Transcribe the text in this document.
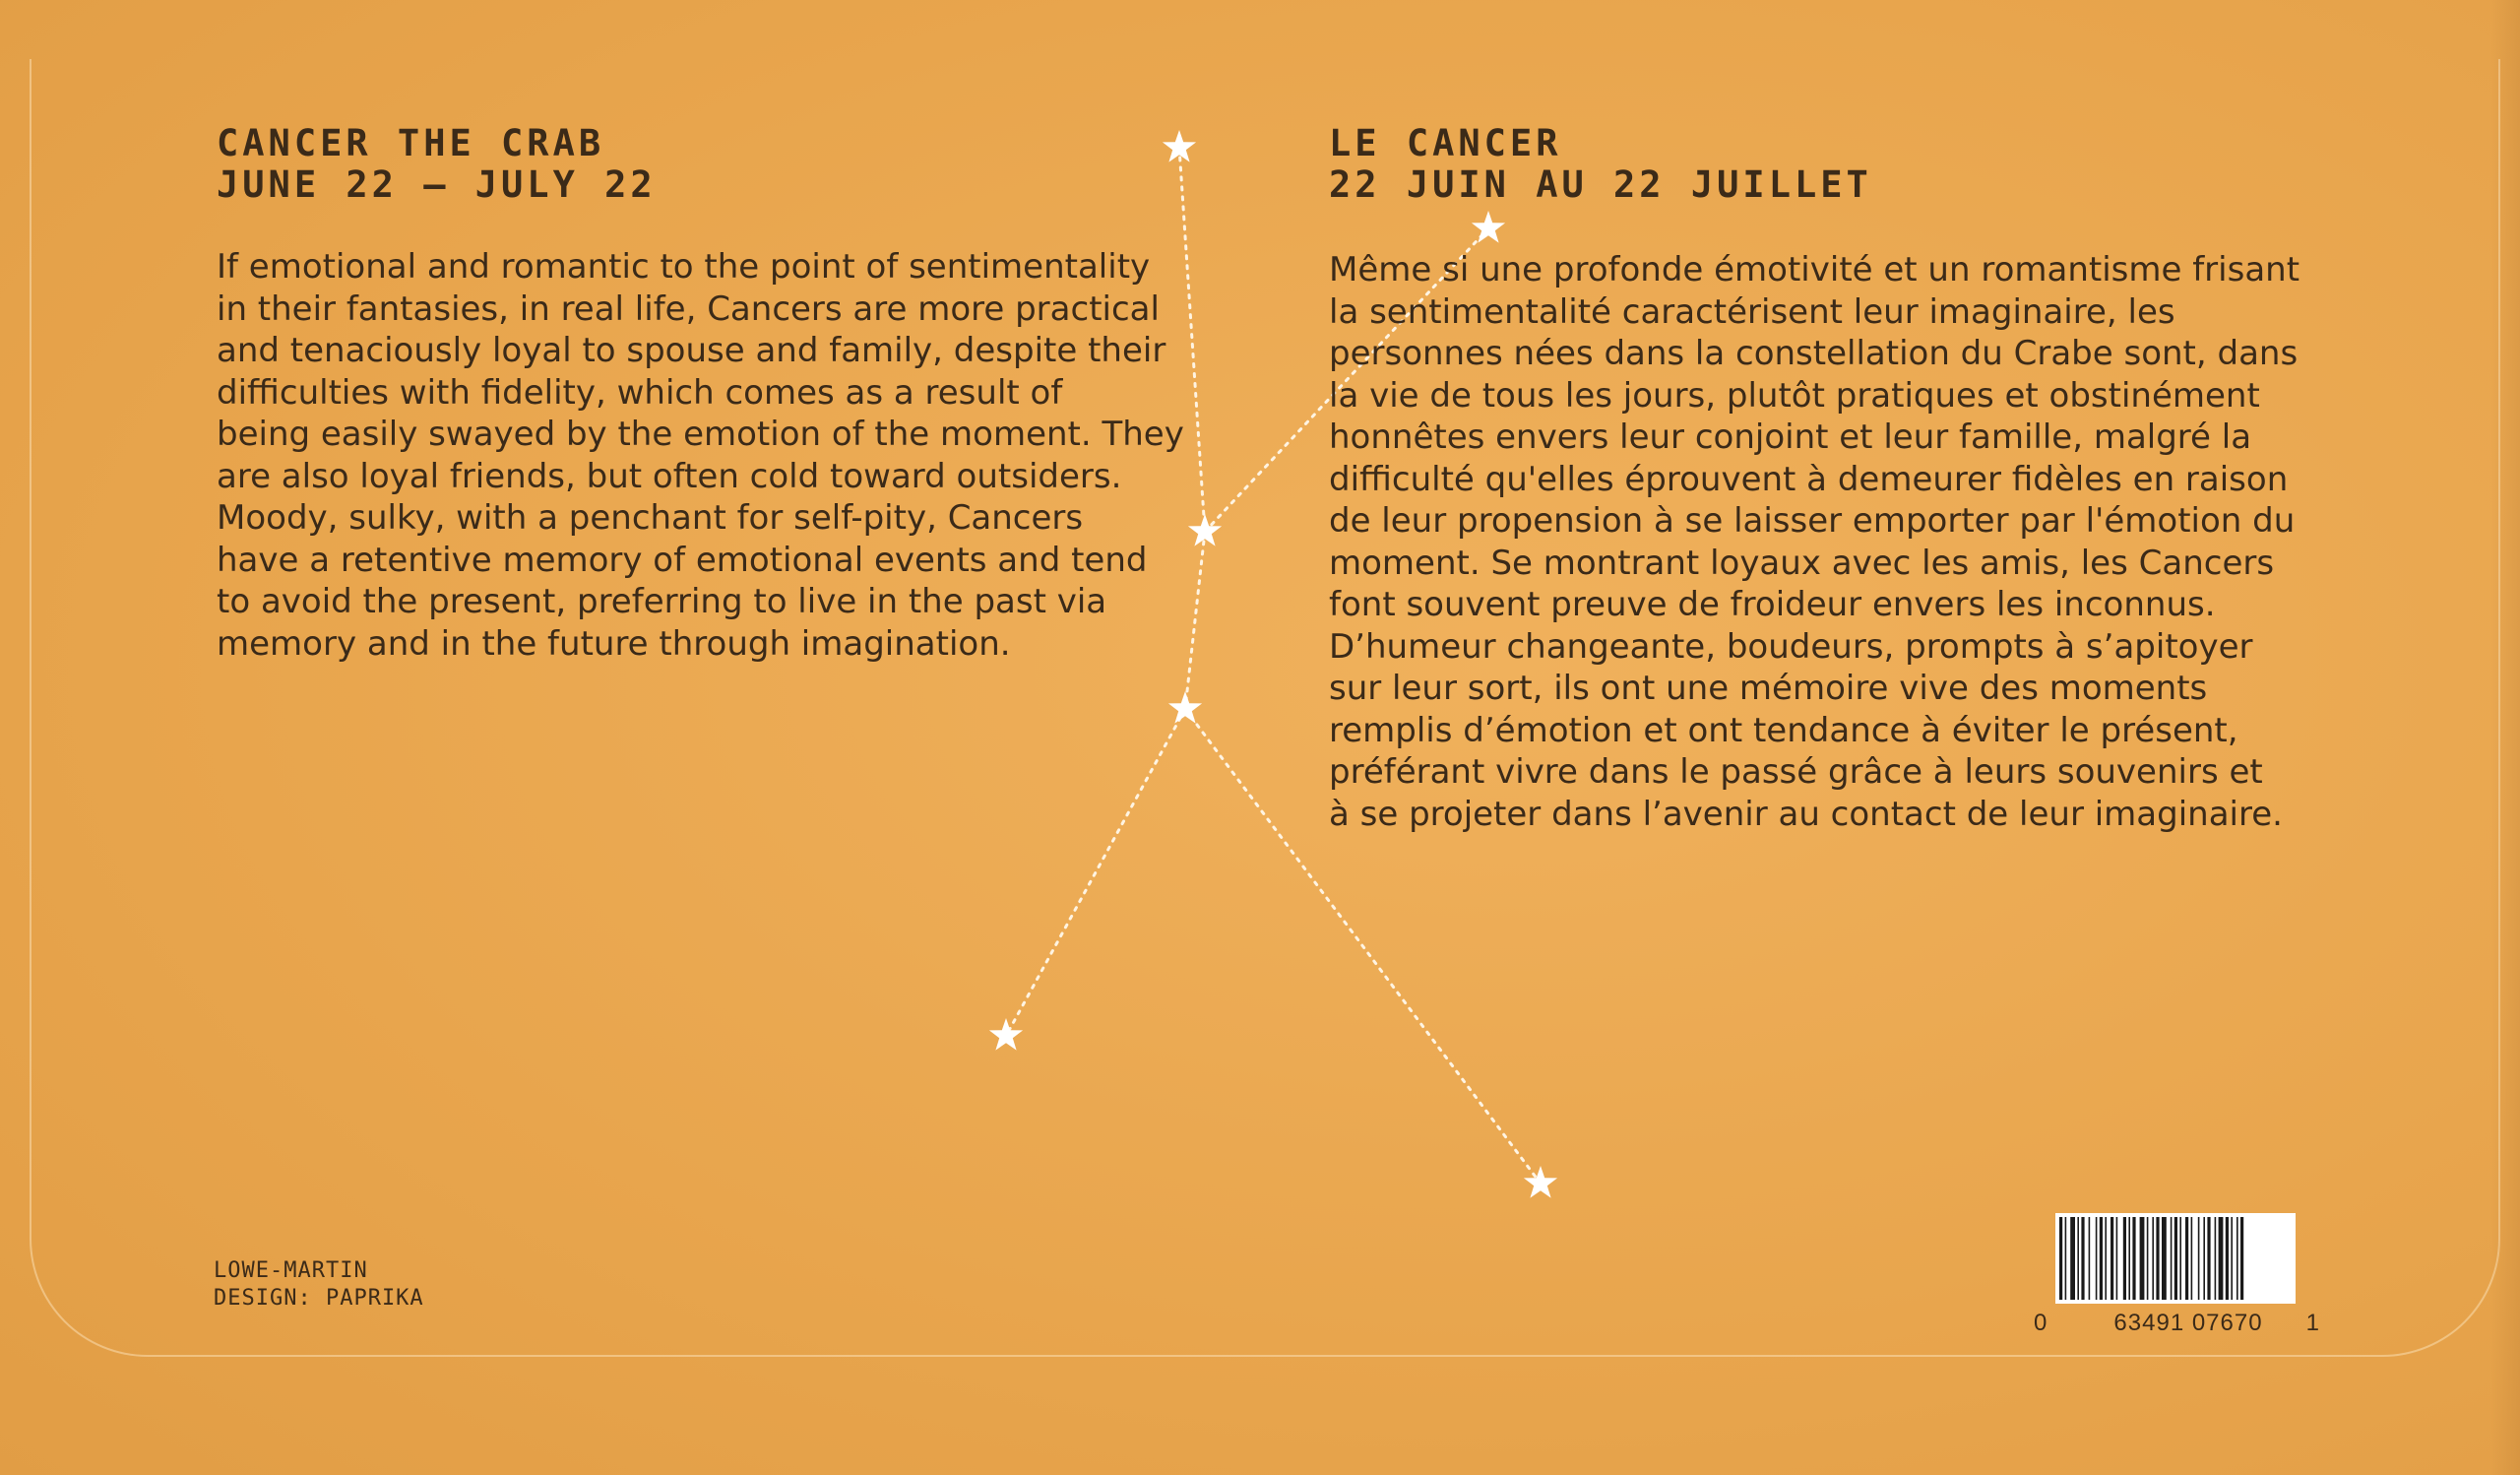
CANCER THE CRAB
JUNE 22 – JULY 22
If emotional and romantic to the point of sentimentality
in their fantasies, in real life, Cancers are more practical
and tenaciously loyal to spouse and family, despite their
difficulties with fidelity, which comes as a result of
being easily swayed by the emotion of the moment. They
are also loyal friends, but often cold toward outsiders.
Moody, sulky, with a penchant for self-pity, Cancers
have a retentive memory of emotional events and tend
to avoid the present, preferring to live in the past via
memory and in the future through imagination.
LE CANCER
22 JUIN AU 22 JUILLET
Même si une profonde émotivité et un romantisme frisant
la sentimentalité caractérisent leur imaginaire, les
personnes nées dans la constellation du Crabe sont, dans
la vie de tous les jours, plutôt pratiques et obstinément
honnêtes envers leur conjoint et leur famille, malgré la
difficulté qu'elles éprouvent à demeurer fidèles en raison
de leur propension à se laisser emporter par l'émotion du
moment. Se montrant loyaux avec les amis, les Cancers
font souvent preuve de froideur envers les inconnus.
D’humeur changeante, boudeurs, prompts à s’apitoyer
sur leur sort, ils ont une mémoire vive des moments
remplis d’émotion et ont tendance à éviter le présent,
préférant vivre dans le passé grâce à leurs souvenirs et
à se projeter dans l’avenir au contact de leur imaginaire.
LOWE-MARTIN
DESIGN: PAPRIKA
0	63491 07670 1
